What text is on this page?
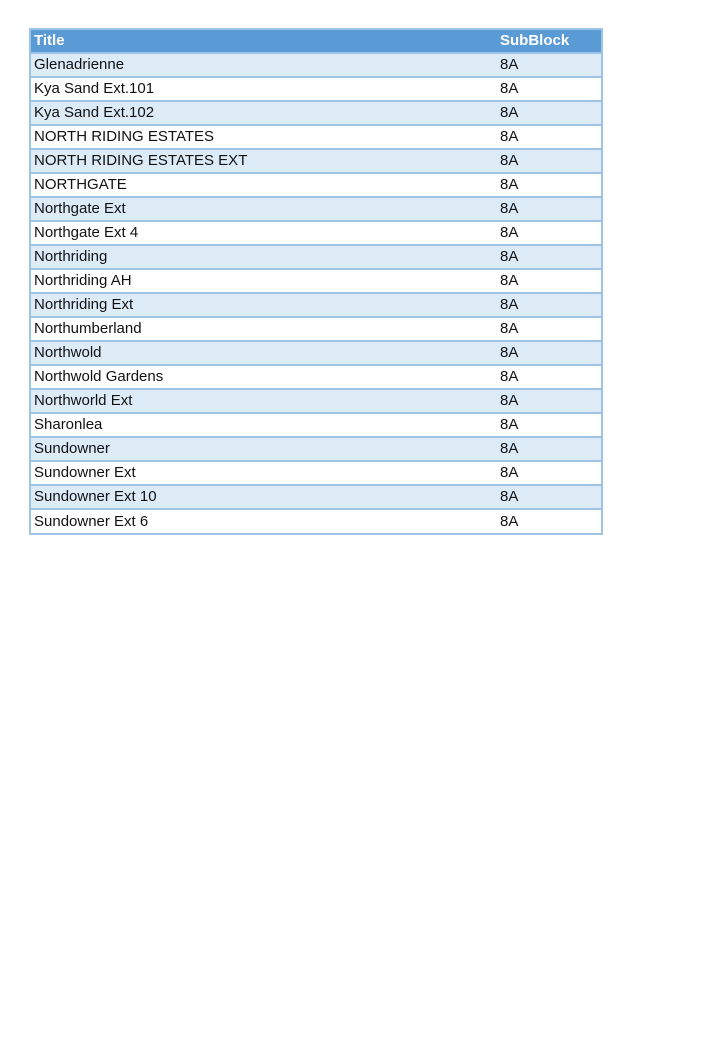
Title	SubBlock
Glenadrienne	8A
Kya Sand Ext.101	8A
Kya Sand Ext.102	8A
NORTH RIDING ESTATES	8A
NORTH RIDING ESTATES EXT	8A
NORTHGATE	8A
Northgate Ext	8A
Northgate Ext 4	8A
Northriding	8A
Northriding AH	8A
Northriding Ext	8A
Northumberland	8A
Northwold	8A
Northwold Gardens	8A
Northworld Ext	8A
Sharonlea	8A
Sundowner	8A
Sundowner Ext	8A
Sundowner Ext 10	8A
Sundowner Ext 6	8A
